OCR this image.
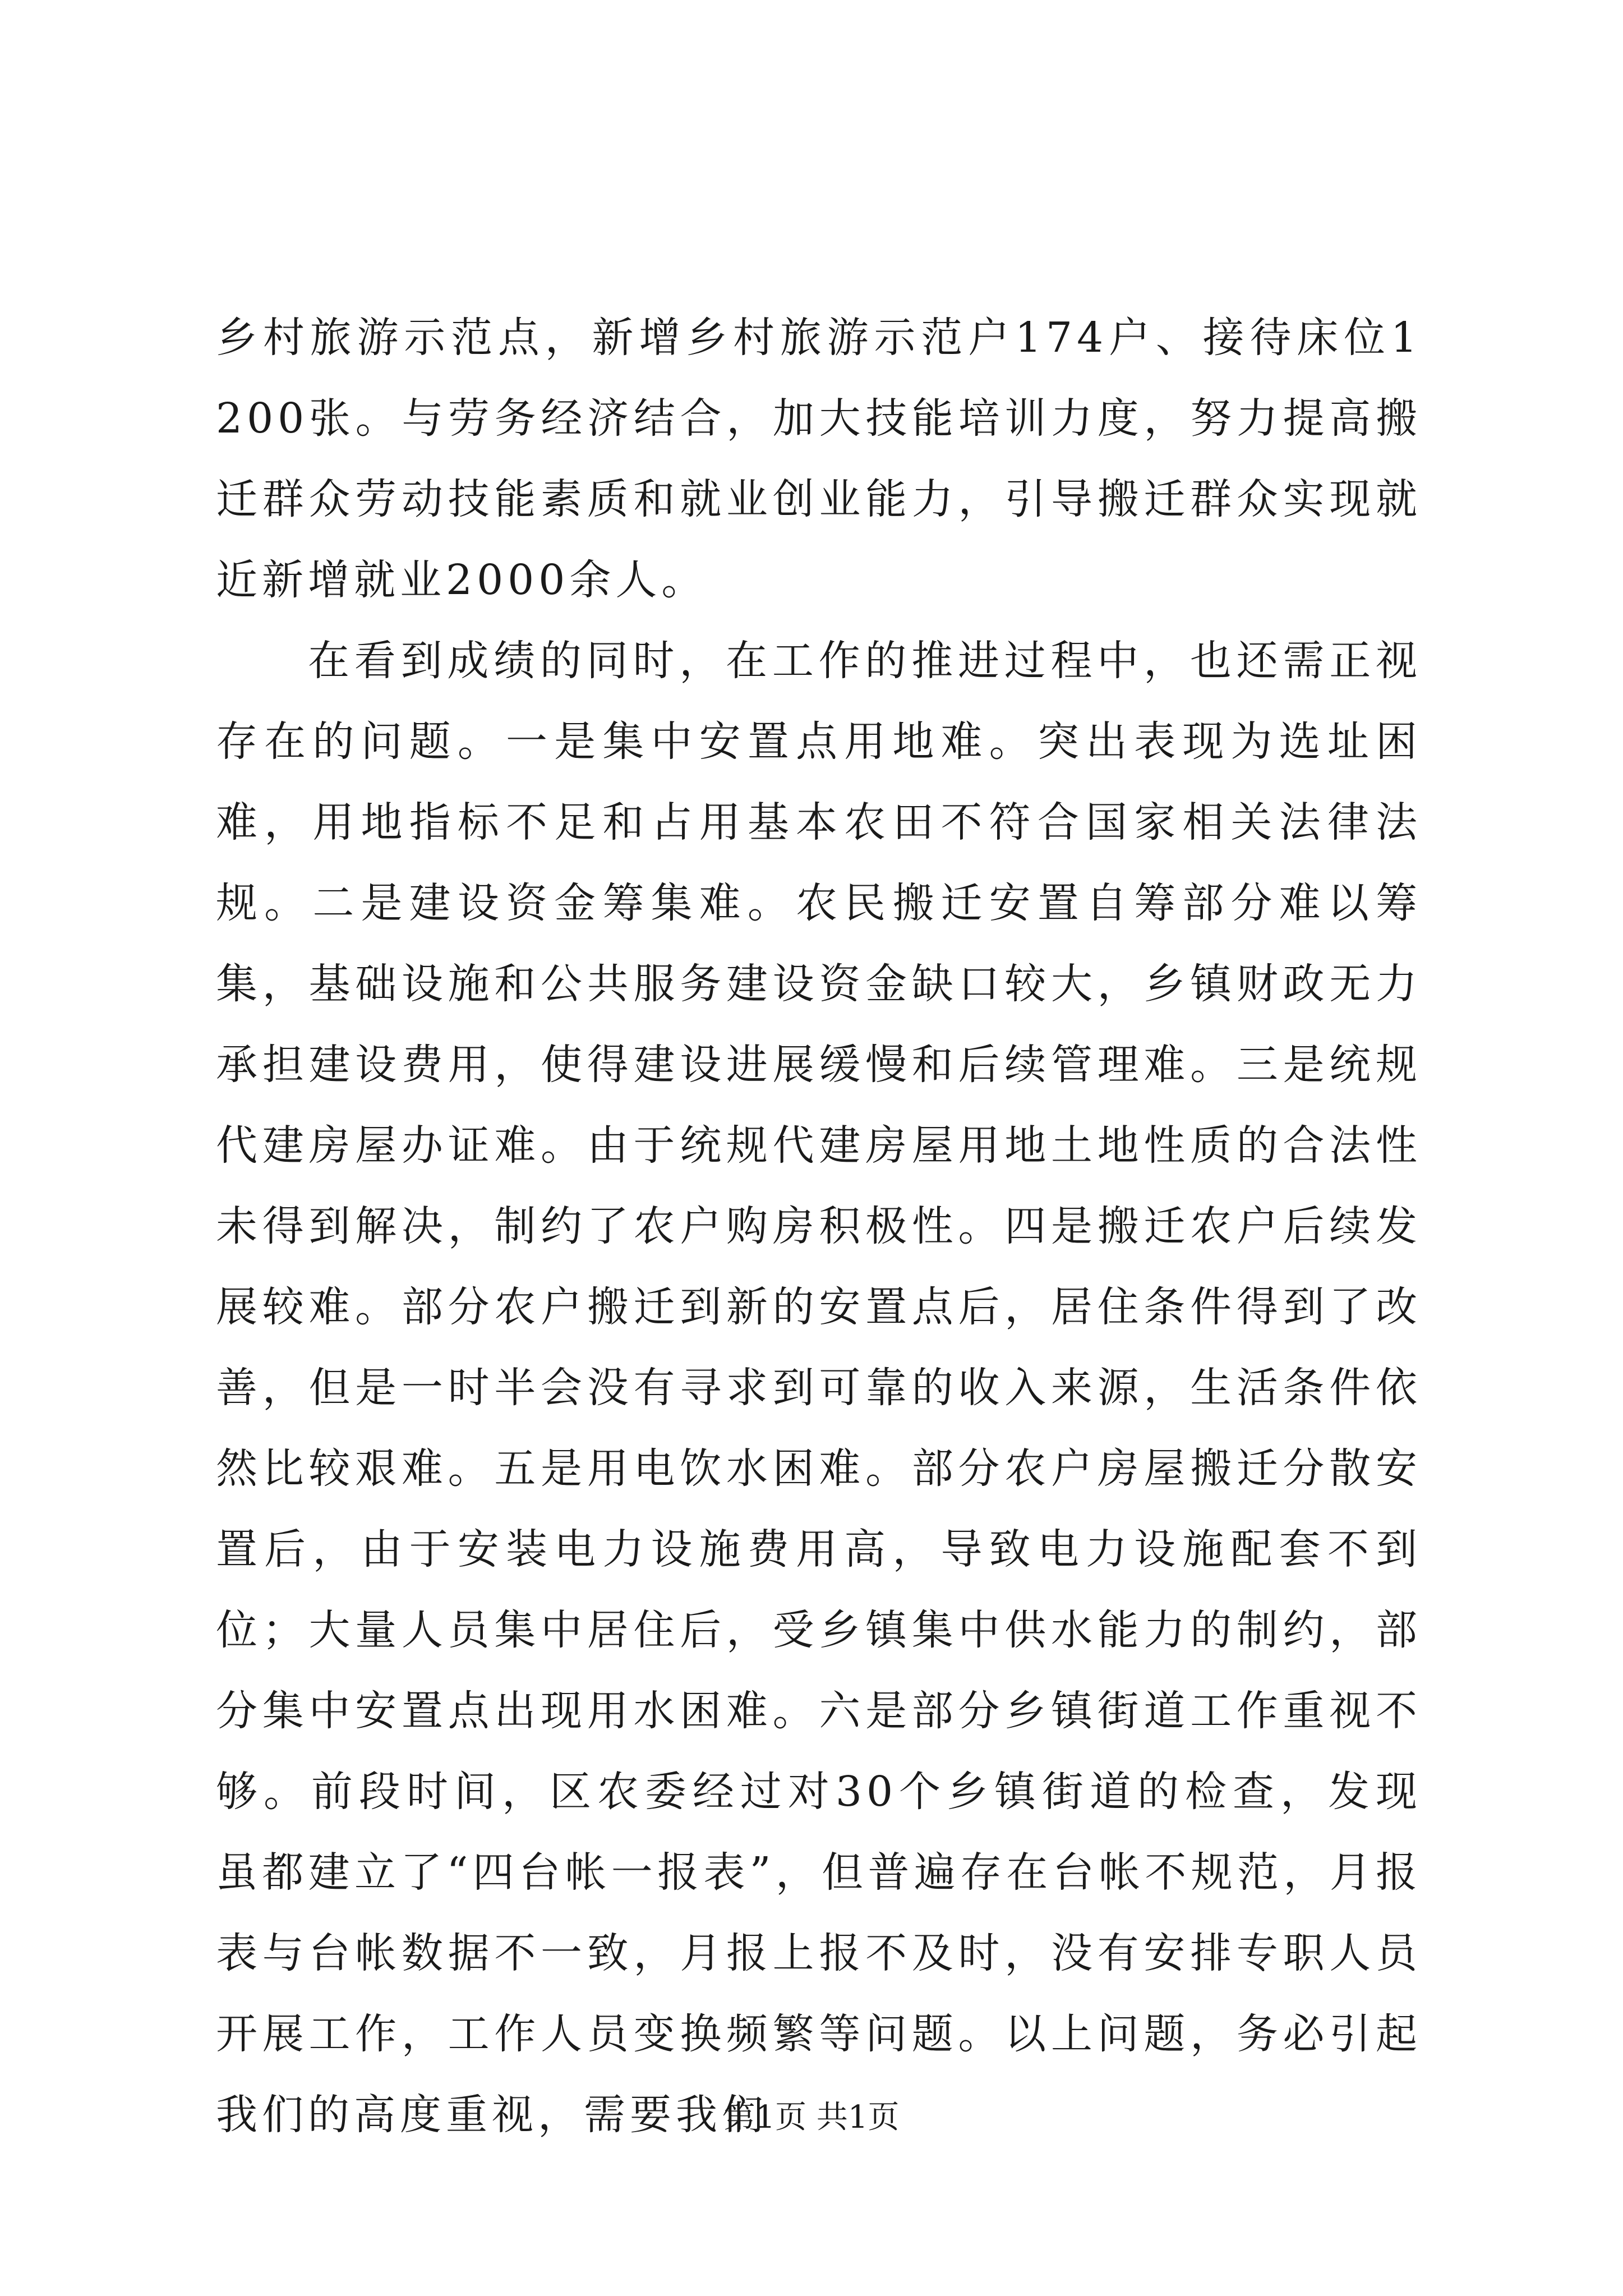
乡村旅游示范点，新增乡村旅游示范户174户、接待床位1200张。与劳务经济结合，加大技能培训力度，努力提高搬迁群众劳动技能素质和就业创业能力，引导搬迁群众实现就近新增就业2000余人。

在看到成绩的同时，在工作的推进过程中，也还需正视存在的问题。一是集中安置点用地难。突出表现为选址困难，用地指标不足和占用基本农田不符合国家相关法律法规。二是建设资金筹集难。农民搬迁安置自筹部分难以筹集，基础设施和公共服务建设资金缺口较大，乡镇财政无力承担建设费用，使得建设进展缓慢和后续管理难。三是统规代建房屋办证难。由于统规代建房屋用地土地性质的合法性未得到解决，制约了农户购房积极性。四是搬迁农户后续发展较难。部分农户搬迁到新的安置点后，居住条件得到了改善，但是一时半会没有寻求到可靠的收入来源，生活条件依然比较艰难。五是用电饮水困难。部分农户房屋搬迁分散安置后，由于安装电力设施费用高，导致电力设施配套不到位；大量人员集中居住后，受乡镇集中供水能力的制约，部分集中安置点出现用水困难。六是部分乡镇街道工作重视不够。前段时间，区农委经过对30个乡镇街道的检查，发现虽都建立了“四台帐一报表”，但普遍存在台帐不规范，月报表与台帐数据不一致，月报上报不及时，没有安排专职人员开展工作，工作人员变换频繁等问题。以上问题，务必引起我们的高度重视，需要我们

第1页 共1页
